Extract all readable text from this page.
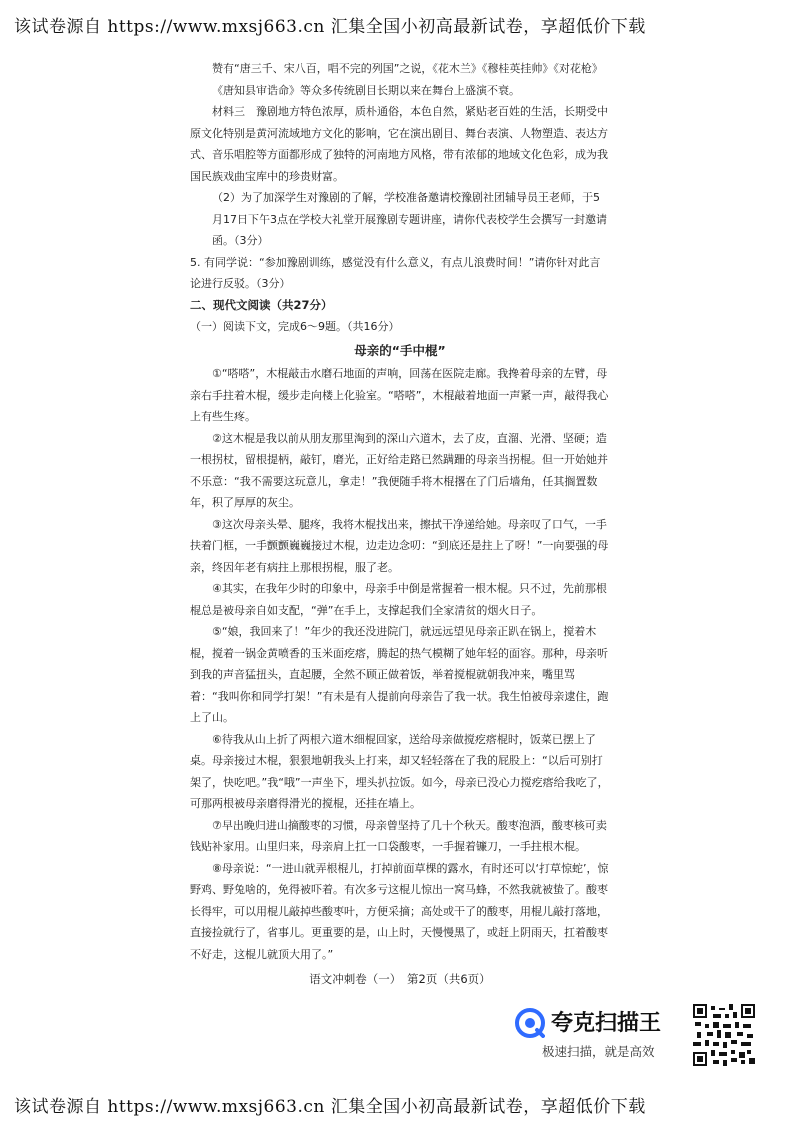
该试卷源自 https://www.mxsj663.cn 汇集全国小初高最新试卷，享超低价下载

赞有“唐三千、宋八百，唱不完的列国”之说，《花木兰》《穆桂英挂帅》《对花枪》《唐知县审诰命》等众多传统剧目长期以来在舞台上盛演不衰。

材料三　豫剧地方特色浓厚，质朴通俗，本色自然，紧贴老百姓的生活，长期受中原文化特别是黄河流域地方文化的影响，它在演出剧目、舞台表演、人物塑造、表达方式、音乐唱腔等方面都形成了独特的河南地方风格，带有浓郁的地域文化色彩，成为我国民族戏曲宝库中的珍贵财富。

（2）为了加深学生对豫剧的了解，学校准备邀请校豫剧社团辅导员王老师，于5月17日下午3点在学校大礼堂开展豫剧专题讲座，请你代表校学生会撰写一封邀请函。（3分）

5. 有同学说：“参加豫剧训练，感觉没有什么意义，有点儿浪费时间！”请你针对此言论进行反驳。（3分）

二、现代文阅读（共27分）

（一）阅读下文，完成6～9题。（共16分）

母亲的“手中棍”

①“嗒嗒”，木棍敲击水磨石地面的声响，回荡在医院走廊。我搀着母亲的左臂，母亲右手拄着木棍，缓步走向楼上化验室。“嗒嗒”，木棍敲着地面一声紧一声，敲得我心上有些生疼。

②这木棍是我以前从朋友那里淘到的深山六道木，去了皮，直溜、光滑、坚硬；造一根拐杖，留根提柄，敲钉，磨光，正好给走路已然蹒跚的母亲当拐棍。但一开始她并不乐意：“我不需要这玩意儿，拿走！”我便随手将木棍撂在了门后墙角，任其搁置数年，积了厚厚的灰尘。

③这次母亲头晕、腿疼，我将木棍找出来，擦拭干净递给她。母亲叹了口气，一手扶着门框，一手颤颤巍巍接过木棍，边走边念叨：“到底还是拄上了呀！”一向要强的母亲，终因年老有病拄上那根拐棍，服了老。

④其实，在我年少时的印象中，母亲手中倒是常握着一根木棍。只不过，先前那根棍总是被母亲自如支配，“弹”在手上，支撑起我们全家清贫的烟火日子。

⑤“娘，我回来了！”年少的我还没进院门，就远远望见母亲正趴在锅上，搅着木棍，搅着一锅金黄喷香的玉米面疙瘩，腾起的热气模糊了她年轻的面容。那种，母亲听到我的声音猛扭头，直起腰，全然不顾正做着饭，举着搅棍就朝我冲来，嘴里骂着：“我叫你和同学打架！”有未是有人提前向母亲告了我一状。我生怕被母亲逮住，跑上了山。

⑥待我从山上折了两根六道木细棍回家，送给母亲做搅疙瘩棍时，饭菜已摆上了桌。母亲接过木棍，狠狠地朝我头上打来，却又轻轻落在了我的屁股上：“以后可别打架了，快吃吧。”我“哦”一声坐下，埋头扒拉饭。如今，母亲已没心力搅疙瘩给我吃了，可那两根被母亲磨得滑光的搅棍，还挂在墙上。

⑦早出晚归进山摘酸枣的习惯，母亲曾坚持了几十个秋天。酸枣泡酒，酸枣核可卖钱贴补家用。山里归来，母亲肩上扛一口袋酸枣，一手握着镰刀，一手拄根木棍。

⑧母亲说：“一进山就弄根棍儿，打掉前面草棵的露水，有时还可以‘打草惊蛇’，惊野鸡、野兔啥的，免得被吓着。有次多亏这棍儿惊出一窝马蜂，不然我就被蛰了。酸枣长得牢，可以用棍儿敲掉些酸枣叶，方便采摘；高处或干了的酸枣，用棍儿敲打落地，直接捡就行了，省事儿。更重要的是，山上时，天慢慢黑了，或赶上阴雨天，扛着酸枣不好走，这棍儿就顶大用了。”

语文冲刺卷（一）　第2页（共6页）

夸克扫描王
极速扫描，就是高效
该试卷源自 https://www.mxsj663.cn 汇集全国小初高最新试卷，享超低价下载
